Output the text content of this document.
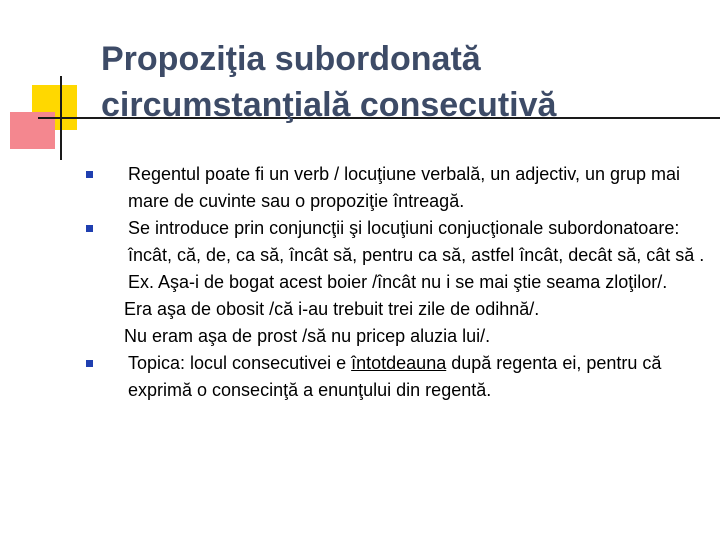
Propoziţia subordonată
circumstanţială consecutivă
Regentul poate fi un verb / locuţiune verbală, un adjectiv, un grup mai mare de cuvinte sau o propoziţie întreagă.
Se introduce prin conjuncţii şi locuţiuni conjucţionale subordonatoare: încât, că, de, ca să, încât să, pentru ca să, astfel încât, decât să, cât să .
Ex. Aşa-i de bogat acest boier /încât nu i se mai ştie seama zloţilor/.
Era aşa de obosit /că i-au trebuit trei zile de odihnă/.
Nu eram aşa de prost /să nu pricep aluzia lui/.
Topica: locul consecutivei e întotdeauna după regenta ei, pentru că exprimă o consecinţă a enunţului din regentă.
